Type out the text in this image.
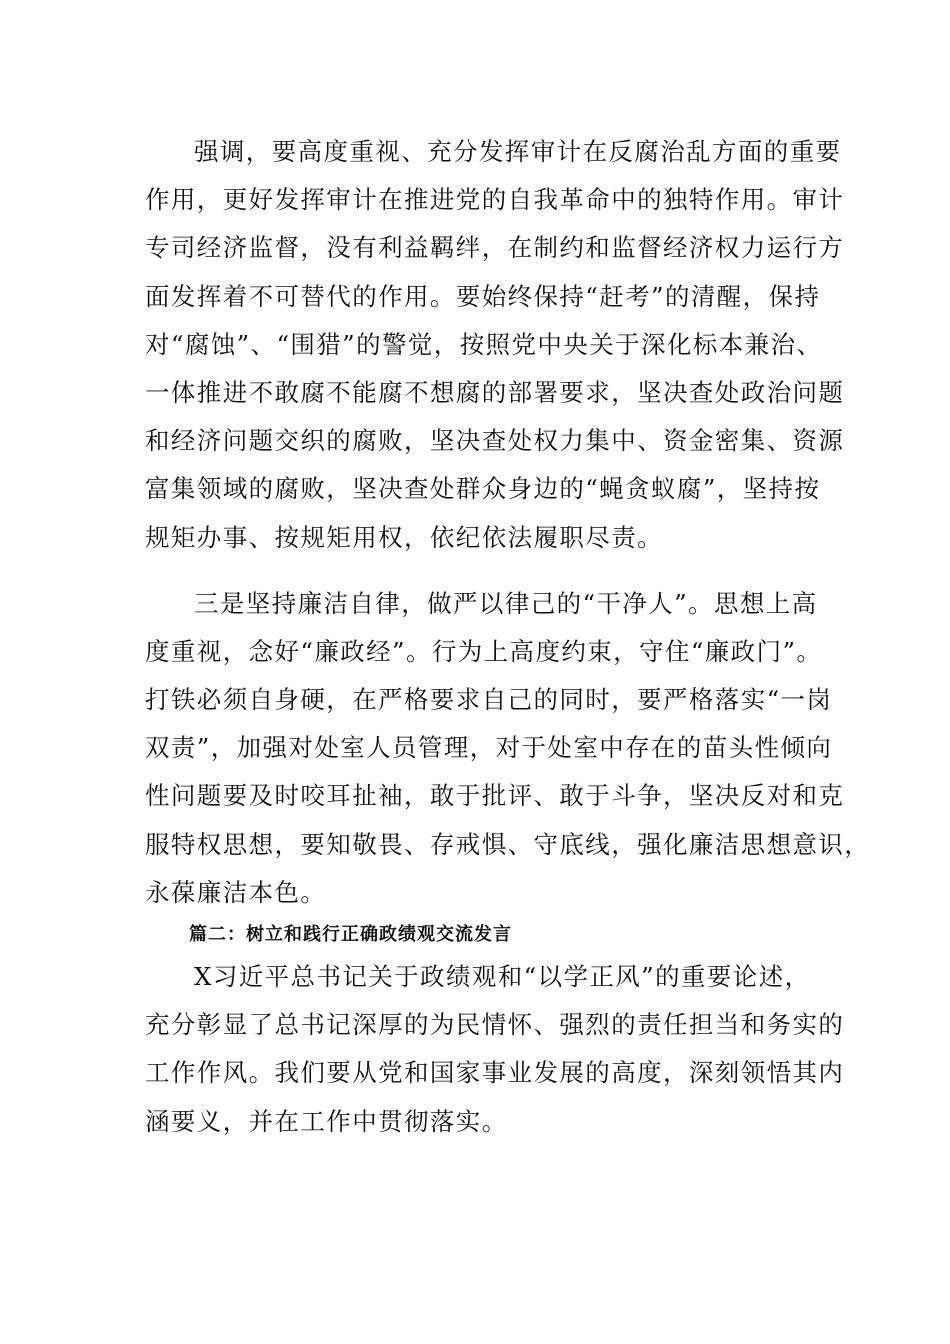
强调，要高度重视、充分发挥审计在反腐治乱方面的重要
作用，更好发挥审计在推进党的自我革命中的独特作用。审计
专司经济监督，没有利益羁绊，在制约和监督经济权力运行方
面发挥着不可替代的作用。要始终保持“赶考”的清醒，保持
对“腐蚀”、“围猎”的警觉，按照党中央关于深化标本兼治、
一体推进不敢腐不能腐不想腐的部署要求，坚决查处政治问题
和经济问题交织的腐败，坚决查处权力集中、资金密集、资源
富集领域的腐败，坚决查处群众身边的“蝇贪蚁腐”，坚持按
规矩办事、按规矩用权，依纪依法履职尽责。
三是坚持廉洁自律，做严以律己的“干净人”。思想上高
度重视，念好“廉政经”。行为上高度约束，守住“廉政门”。
打铁必须自身硬，在严格要求自己的同时，要严格落实“一岗
双责”，加强对处室人员管理，对于处室中存在的苗头性倾向
性问题要及时咬耳扯袖，敢于批评、敢于斗争，坚决反对和克
服特权思想，要知敬畏、存戒惧、守底线，强化廉洁思想意识，
永葆廉洁本色。
篇二：树立和践行正确政绩观交流发言
X习近平总书记关于政绩观和“以学正风”的重要论述，
充分彰显了总书记深厚的为民情怀、强烈的责任担当和务实的
工作作风。我们要从党和国家事业发展的高度，深刻领悟其内
涵要义，并在工作中贯彻落实。
